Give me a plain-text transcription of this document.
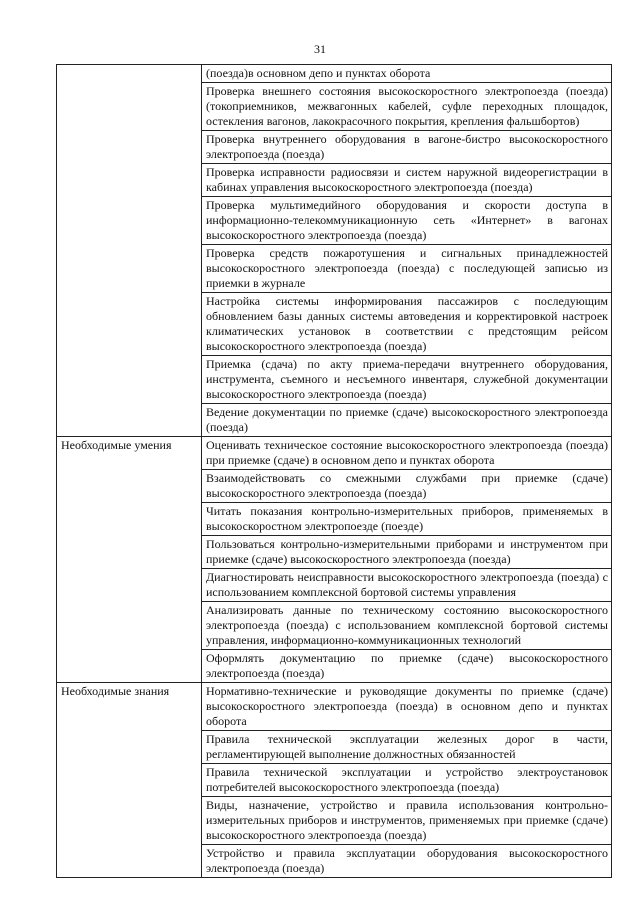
31
	(поезда)в основном депо и пунктах оборота
	Проверка внешнего состояния высокоскоростного электропоезда (поезда) (токоприемников, межвагонных кабелей, суфле переходных площадок, остекления вагонов, лакокрасочного покрытия, крепления фальшбортов)
	Проверка внутреннего оборудования в вагоне-бистро высокоскоростного электропоезда (поезда)
	Проверка исправности радиосвязи и систем наружной видеорегистрации в кабинах управления высокоскоростного электропоезда (поезда)
	Проверка мультимедийного оборудования и скорости доступа в информационно-телекоммуникационную сеть «Интернет» в вагонах высокоскоростного электропоезда (поезда)
	Проверка средств пожаротушения и сигнальных принадлежностей высокоскоростного электропоезда (поезда) с последующей записью из приемки в журнале
	Настройка системы информирования пассажиров с последующим обновлением базы данных системы автоведения и корректировкой настроек климатических установок в соответствии с предстоящим рейсом высокоскоростного электропоезда (поезда)
	Приемка (сдача) по акту приема-передачи внутреннего оборудования, инструмента, съемного и несъемного инвентаря, служебной документации высокоскоростного электропоезда (поезда)
	Ведение документации по приемке (сдаче) высокоскоростного электропоезда (поезда)
Необходимые умения	Оценивать техническое состояние высокоскоростного электропоезда (поезда) при приемке (сдаче) в основном депо и пунктах оборота
	Взаимодействовать со смежными службами при приемке (сдаче) высокоскоростного электропоезда (поезда)
	Читать показания контрольно-измерительных приборов, применяемых в высокоскоростном электропоезде (поезде)
	Пользоваться контрольно-измерительными приборами и инструментом при приемке (сдаче) высокоскоростного электропоезда (поезда)
	Диагностировать неисправности высокоскоростного электропоезда (поезда) с использованием комплексной бортовой системы управления
	Анализировать данные по техническому состоянию высокоскоростного электропоезда (поезда) с использованием комплексной бортовой системы управления, информационно-коммуникационных технологий
	Оформлять документацию по приемке (сдаче) высокоскоростного электропоезда (поезда)
Необходимые знания	Нормативно-технические и руководящие документы по приемке (сдаче) высокоскоростного электропоезда (поезда) в основном депо и пунктах оборота
	Правила технической эксплуатации железных дорог в части, регламентирующей выполнение должностных обязанностей
	Правила технической эксплуатации и устройство электроустановок потребителей высокоскоростного электропоезда (поезда)
	Виды, назначение, устройство и правила использования контрольно-измерительных приборов и инструментов, применяемых при приемке (сдаче) высокоскоростного электропоезда (поезда)
	Устройство и правила эксплуатации оборудования высокоскоростного электропоезда (поезда)
